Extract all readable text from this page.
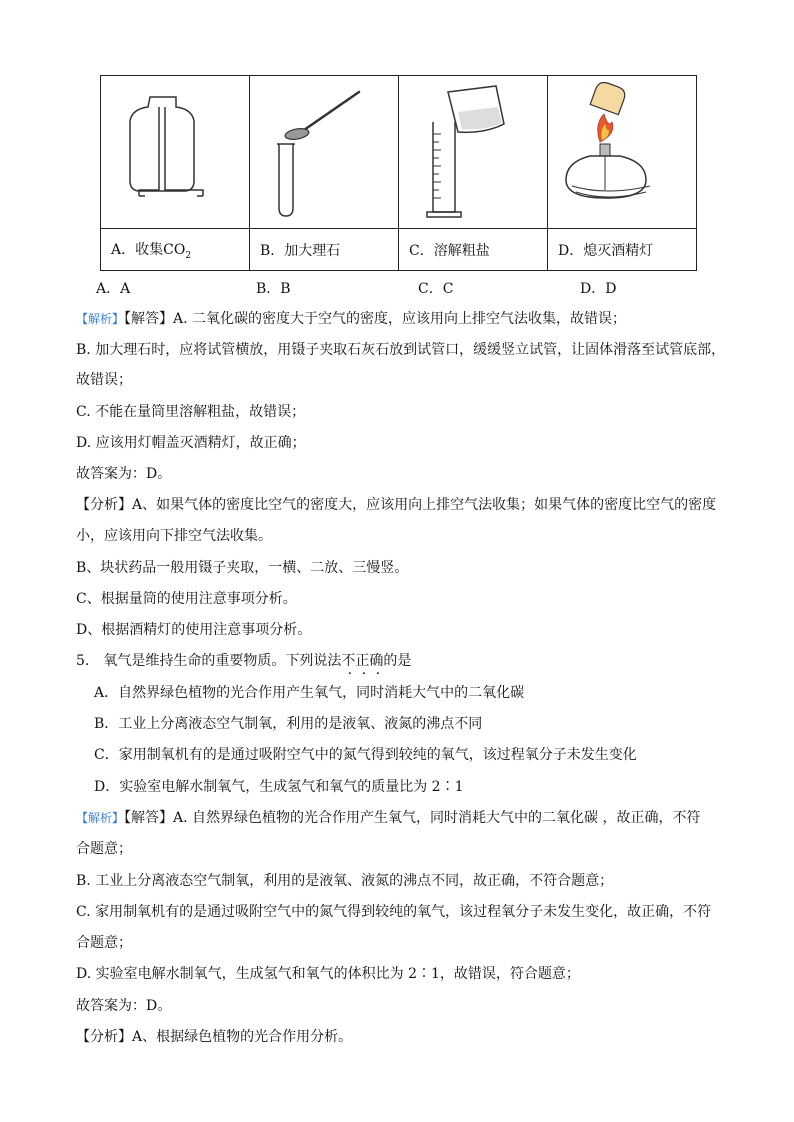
A．收集$CO_2$	B．加大理石	C．溶解粗盐	D．熄灭酒精灯
A．A	B．B	C．C	D．D
【解析】【解答】A. 二氧化碳的密度大于空气的密度，应该用向上排空气法收集，故错误；
B. 加大理石时，应将试管横放，用镊子夹取石灰石放到试管口，缓缓竖立试管，让固体滑落至试管底部，
故错误；
C. 不能在量筒里溶解粗盐，故错误；
D. 应该用灯帽盖灭酒精灯，故正确；
故答案为：D。
【分析】A、如果气体的密度比空气的密度大，应该用向上排空气法收集；如果气体的密度比空气的密度
小，应该用向下排空气法收集。
B、块状药品一般用镊子夹取，一横、二放、三慢竖。
C、根据量筒的使用注意事项分析。
D、根据酒精灯的使用注意事项分析。
5.　氧气是维持生命的重要物质。下列说法不正确的是
A．自然界绿色植物的光合作用产生氧气，同时消耗大气中的二氧化碳
B．工业上分离液态空气制氧，利用的是液氧、液氮的沸点不同
C．家用制氧机有的是通过吸附空气中的氮气得到较纯的氧气，该过程氧分子未发生变化
D．实验室电解水制氧气，生成氢气和氧气的质量比为 2∶1
【解析】【解答】A. 自然界绿色植物的光合作用产生氧气，同时消耗大气中的二氧化碳 ，故正确，不符
合题意；
B. 工业上分离液态空气制氧，利用的是液氧、液氮的沸点不同，故正确，不符合题意；
C. 家用制氧机有的是通过吸附空气中的氮气得到较纯的氧气，该过程氧分子未发生变化，故正确，不符
合题意；
D. 实验室电解水制氧气，生成氢气和氧气的体积比为 2∶1，故错误，符合题意；
故答案为：D。
【分析】A、根据绿色植物的光合作用分析。
